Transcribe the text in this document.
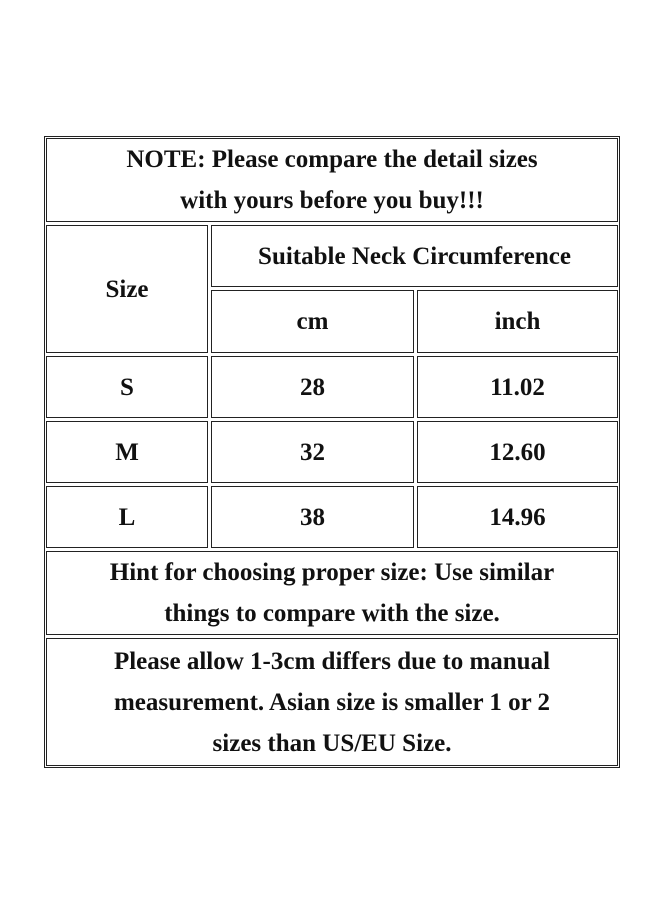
NOTE: Please compare the detail sizes
with yours before you buy!!!
Size
Suitable Neck Circumference
cm	inch
S	28	11.02
M	32	12.60
L	38	14.96
Hint for choosing proper size: Use similar
things to compare with the size.
Please allow 1-3cm differs due to manual
measurement. Asian size is smaller 1 or 2
sizes than US/EU Size.
